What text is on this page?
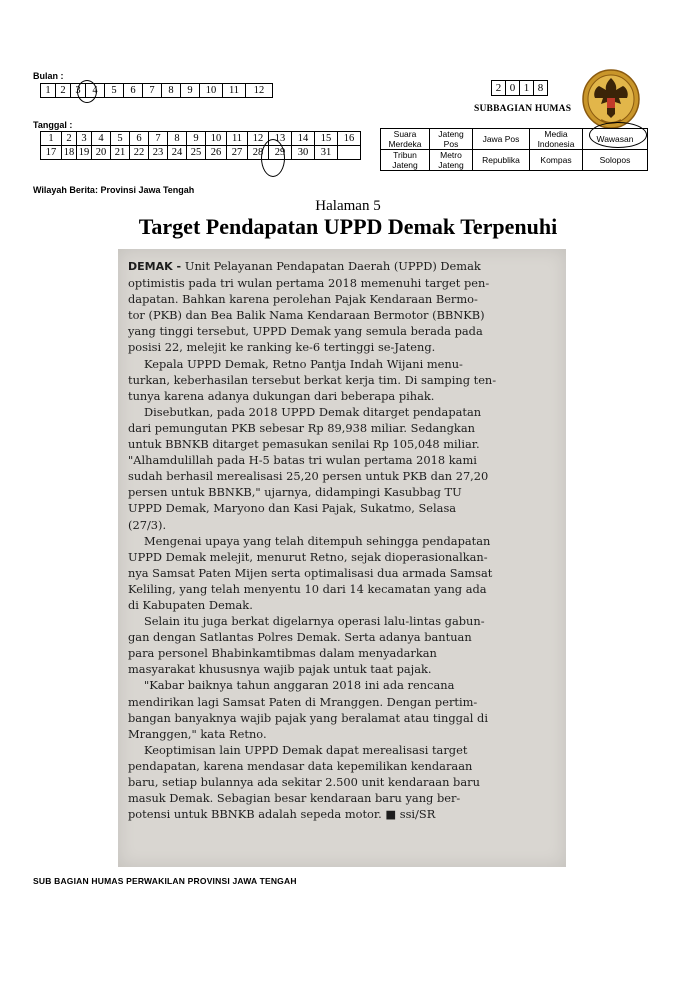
Bulan :
1	2	3	4	5	6	7	8	9	10	11	12
Tanggal :
1	2	3	4	5	6	7	8	9	10	11	12	13	14	15	16
17	18	19	20	21	22	23	24	25	26	27	28	29	30	31	
2	0	1	8
SUBBAGIAN HUMAS
Suara Merdeka	Jateng Pos	Jawa Pos	Media Indonesia	Wawasan
Tribun Jateng	Metro Jateng	Republika	Kompas	Solopos
Wilayah Berita: Provinsi Jawa Tengah
Halaman 5
Target Pendapatan UPPD Demak Terpenuhi

DEMAK - Unit Pelayanan Pendapatan Daerah (UPPD) Demak
optimistis pada tri wulan pertama 2018 memenuhi target pen-
dapatan. Bahkan karena perolehan Pajak Kendaraan Bermo-
tor (PKB) dan Bea Balik Nama Kendaraan Bermotor (BBNKB)
yang tinggi tersebut, UPPD Demak yang semula berada pada
posisi 22, melejit ke ranking ke-6 tertinggi se-Jateng.

Kepala UPPD Demak, Retno Pantja Indah Wijani menu-
turkan, keberhasilan tersebut berkat kerja tim. Di samping ten-
tunya karena adanya dukungan dari beberapa pihak.

Disebutkan, pada 2018 UPPD Demak ditarget pendapatan
dari pemungutan PKB sebesar Rp 89,938 miliar. Sedangkan
untuk BBNKB ditarget pemasukan senilai Rp 105,048 miliar.
"Alhamdulillah pada H-5 batas tri wulan pertama 2018 kami
sudah berhasil merealisasi 25,20 persen untuk PKB dan 27,20
persen untuk BBNKB," ujarnya, didampingi Kasubbag TU
UPPD Demak, Maryono dan Kasi Pajak, Sukatmo, Selasa
(27/3).

Mengenai upaya yang telah ditempuh sehingga pendapatan
UPPD Demak melejit, menurut Retno, sejak dioperasionalkan-
nya Samsat Paten Mijen serta optimalisasi dua armada Samsat
Keliling, yang telah menyentu 10 dari 14 kecamatan yang ada
di Kabupaten Demak.

Selain itu juga berkat digelarnya operasi lalu-lintas gabun-
gan dengan Satlantas Polres Demak. Serta adanya bantuan
para personel Bhabinkamtibmas dalam menyadarkan
masyarakat khususnya wajib pajak untuk taat pajak.

"Kabar baiknya tahun anggaran 2018 ini ada rencana
mendirikan lagi Samsat Paten di Mranggen. Dengan pertim-
bangan banyaknya wajib pajak yang beralamat atau tinggal di
Mranggen," kata Retno.

Keoptimisan lain UPPD Demak dapat merealisasi target
pendapatan, karena mendasar data kepemilikan kendaraan
baru, setiap bulannya ada sekitar 2.500 unit kendaraan baru
masuk Demak. Sebagian besar kendaraan baru yang ber-
potensi untuk BBNKB adalah sepeda motor. ■ ssi/SR

SUB BAGIAN HUMAS PERWAKILAN PROVINSI JAWA TENGAH
